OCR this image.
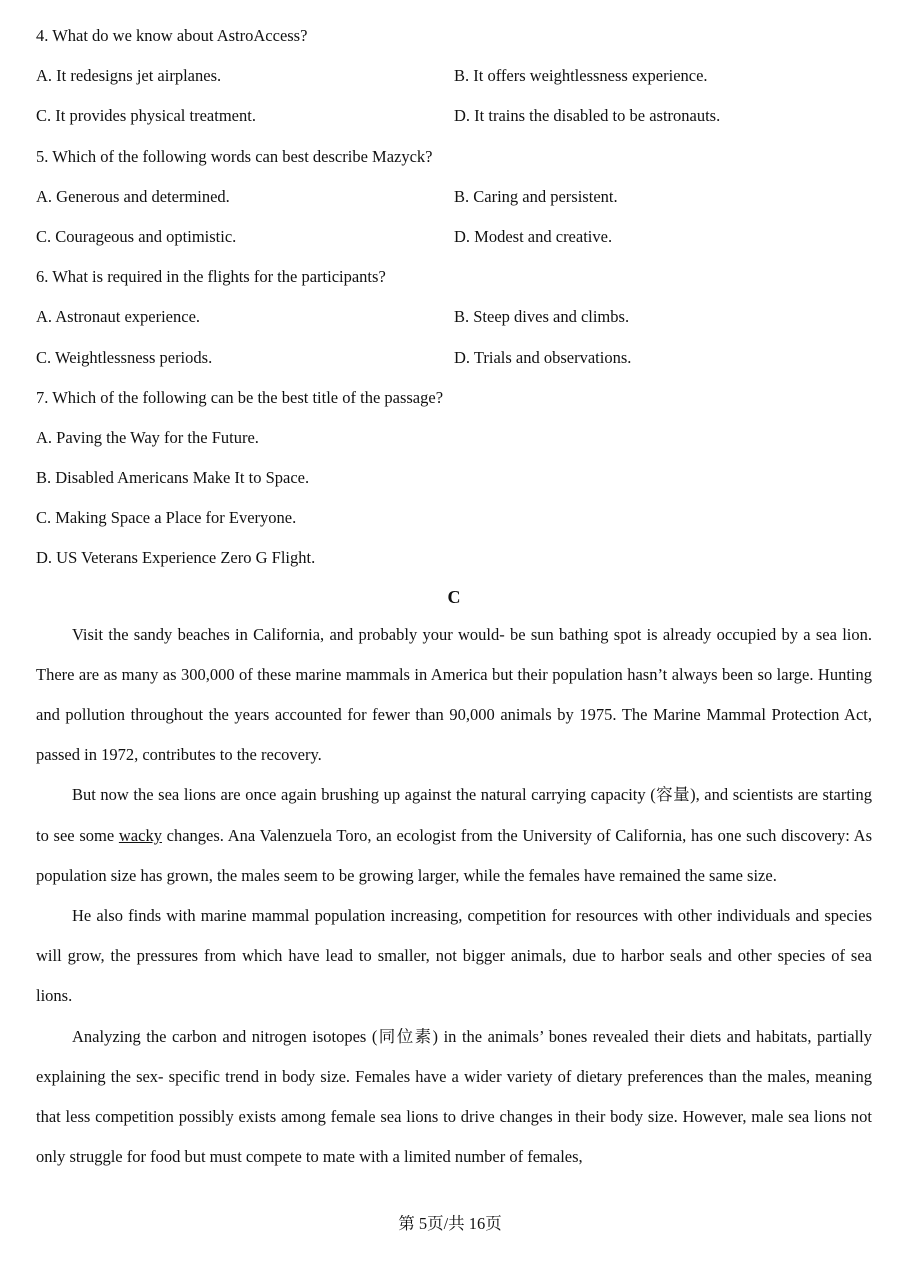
4. What do we know about AstroAccess?
A. It redesigns jet airplanes.	B. It offers weightlessness experience.
C. It provides physical treatment.	D. It trains the disabled to be astronauts.
5. Which of the following words can best describe Mazyck?
A. Generous and determined.	B. Caring and persistent.
C. Courageous and optimistic.	D. Modest and creative.
6. What is required in the flights for the participants?
A. Astronaut experience.	B. Steep dives and climbs.
C. Weightlessness periods.	D. Trials and observations.
7. Which of the following can be the best title of the passage?
A. Paving the Way for the Future.
B. Disabled Americans Make It to Space.
C. Making Space a Place for Everyone.
D. US Veterans Experience Zero G Flight.
C

Visit the sandy beaches in California, and probably your would- be sun bathing spot is already occupied by a sea lion. There are as many as 300,000 of these marine mammals in America but their population hasn’t always been so large. Hunting and pollution throughout the years accounted for fewer than 90,000 animals by 1975. The Marine Mammal Protection Act, passed in 1972, contributes to the recovery.

But now the sea lions are once again brushing up against the natural carrying capacity (容量), and scientists are starting to see some wacky changes. Ana Valenzuela Toro, an ecologist from the University of California, has one such discovery: As population size has grown, the males seem to be growing larger, while the females have remained the same size.

He also finds with marine mammal population increasing, competition for resources with other individuals and species will grow, the pressures from which have lead to smaller, not bigger animals, due to harbor seals and other species of sea lions.

Analyzing the carbon and nitrogen isotopes (同位素) in the animals’ bones revealed their diets and habitats, partially explaining the sex- specific trend in body size. Females have a wider variety of dietary preferences than the males, meaning that less competition possibly exists among female sea lions to drive changes in their body size. However, male sea lions not only struggle for food but must compete to mate with a limited number of females,

第 5页/共 16页
